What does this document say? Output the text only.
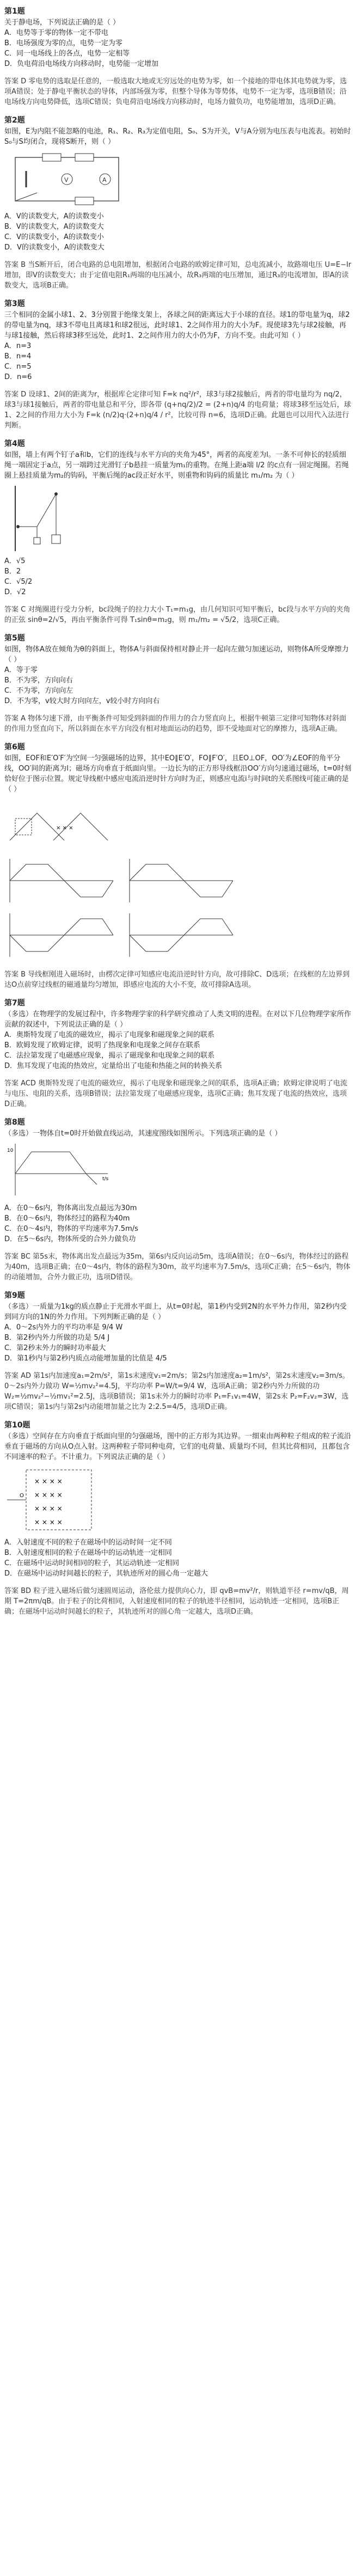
第1题

关于静电场，下列说法正确的是（ ）

A．电势等于零的物体一定不带电

B．电场强度为零的点，电势一定为零

C．同一电场线上的各点，电势一定相等

D．负电荷沿电场线方向移动时，电势能一定增加

答案 D 零电势的选取是任意的，一般选取大地或无穷远处的电势为零，如一个接地的带电体其电势就为零，选项A错误；处于静电平衡状态的导体，内部场强为零，但整个导体为等势体，电势不一定为零，选项B错误；沿电场线方向电势降低，选项C错误；负电荷沿电场线方向移动时，电场力做负功，电势能增加，选项D正确。

第2题

如图，E为内阻不能忽略的电池，R₁、R₂、R₃为定值电阻，S₀、S为开关，V与A分别为电压表与电流表。初始时S₀与S均闭合，现将S断开，则（ ）

V	A

A．V的读数变大，A的读数变小

B．V的读数变大，A的读数变大

C．V的读数变小，A的读数变小

D．V的读数变小，A的读数变大

答案 B 当S断开后，闭合电路的总电阻增加，根据闭合电路的欧姆定律可知，总电流减小，故路端电压 U=E−Ir增加，即V的读数变大；由于定值电阻R₁两端的电压减小，故R₃两端的电压增加，通过R₃的电流增加，即A的读数变大，选项B正确。

第3题

三个相同的金属小球1、2、3分别置于绝缘支架上，各球之间的距离远大于小球的直径。球1的带电量为q，球2的带电量为nq，球3不带电且离球1和球2很远，此时球1、2之间作用力的大小为F。现使球3先与球2接触，再与球1接触，然后将球3移至远处，此时1、2之间作用力的大小仍为F，方向不变。由此可知（ ）

A．n=3

B．n=4

C．n=5

D．n=6

答案 D 设球1、2间的距离为r，根据库仑定律可知 F=k nq²/r²，球3与球2接触后，两者的带电量均为 nq/2，球3与球1接触后，两者的带电量总和平分，即各带 (q+nq/2)/2 = (2+n)q/4 的电荷量；将球3移至远处后，球1、2之间的作用力大小为 F=k (n/2)q·(2+n)q/4 / r²，比较可得 n=6，选项D正确。此题也可以用代入法进行判断。

第4题

如图，墙上有两个钉子a和b，它们的连线与水平方向的夹角为45°，两者的高度差为l。一条不可伸长的轻质细绳一端固定于a点，另一端跨过光滑钉子b悬挂一质量为m₁的重物。在绳上距a端 l/2 的c点有一固定绳圈。若绳圈上悬挂质量为m₂的钩码，平衡后绳的ac段正好水平，则重物和钩码的质量比 m₁/m₂ 为（ ）

A．√5

B．2

C．√5/2

D．√2

答案 C 对绳圈进行受力分析，bc段绳子的拉力大小 T₁=m₁g，由几何知识可知平衡后，bc段与水平方向的夹角的正弦 sinθ=2/√5，再由平衡条件可得 T₁sinθ=m₂g，则 m₁/m₂ = √5/2，选项C正确。

第5题

如图，物体A放在倾角为θ的斜面上，物体A与斜面保持相对静止并一起向左做匀加速运动，则物体A所受摩擦力（ ）

A．等于零

B．不为零，方向向右

C．不为零，方向向左

D．不为零，v较大时方向向左，v较小时方向向右

答案 A 物体匀速下滑，由平衡条件可知受到斜面的作用力的合力竖直向上，根据牛顿第三定律可知物体对斜面的作用力竖直向下，所以斜面在水平方向没有相对地面运动的趋势，即不受地面对它的摩擦力，选项A正确。

第6题

如图，EOF和E′O′F′为空间一匀强磁场的边界，其中EO∥E′O′，FO∥F′O′，且EO⊥OF，OO′为∠EOF的角平分线，OO′间的距离为l；磁场方向垂直于纸面向里。一边长为l的正方形导线框沿OO′方向匀速通过磁场，t=0时刻恰好位于图示位置。规定导线框中感应电流沿逆时针方向时为正，则感应电流i与时间t的关系图线可能正确的是（ ）

× × ×

答案 B 导线框刚进入磁场时，由楞次定律可知感应电流沿逆时针方向，故可排除C、D选项；在线框的左边界到达O点前穿过线框的磁通量均匀增加，即感应电流的大小不变，故可排除A选项。

第7题

（多选）在物理学的发展过程中，许多物理学家的科学研究推动了人类文明的进程。在对以下几位物理学家所作贡献的叙述中，下列说法正确的是（ ）

A．奥斯特发现了电流的磁效应，揭示了电现象和磁现象之间的联系

B．欧姆发现了欧姆定律，说明了热现象和电现象之间存在联系

C．法拉第发现了电磁感应现象，揭示了磁现象和电现象之间的联系

D．焦耳发现了电流的热效应，定量给出了电能和热能之间的转换关系

答案 ACD 奥斯特发现了电流的磁效应，揭示了电现象和磁现象之间的联系，选项A正确；欧姆定律说明了电流与电压、电阻的关系，选项B错误；法拉第发现了电磁感应现象，选项C正确；焦耳发现了电流的热效应，选项D正确。

第8题

（多选）一物体自t=0时开始做直线运动，其速度图线如图所示。下列选项正确的是（ ）

10
t/s

A．在0～6s内，物体离出发点最远为30m

B．在0～6s内，物体经过的路程为40m

C．在0～4s内，物体的平均速率为7.5m/s

D．在5～6s内，物体所受的合外力做负功

答案 BC 第5s末，物体离出发点最远为35m，第6s内反向运动5m，选项A错误；在0～6s内，物体经过的路程为40m，选项B正确；在0～4s内，物体的路程为30m，故平均速率为7.5m/s，选项C正确；在5～6s内，物体的动能增加，合外力做正功，选项D错误。

第9题

（多选）一质量为1kg的质点静止于光滑水平面上，从t=0时起，第1秒内受到2N的水平外力作用，第2秒内受到同方向的1N的外力作用。下列判断正确的是（ ）

A．0～2s内外力的平均功率是 9/4 W

B．第2秒内外力所做的功是 5/4 J

C．第2秒末外力的瞬时功率最大

D．第1秒内与第2秒内质点动能增加量的比值是 4/5

答案 AD 第1s内加速度a₁=2m/s²，第1s末速度v₁=2m/s；第2s内加速度a₂=1m/s²，第2s末速度v₂=3m/s。0～2s内外力做功 W=½mv₂²=4.5J，平均功率 P=W/t=9/4 W，选项A正确；第2秒内外力所做的功 W₂=½mv₂²−½mv₁²=2.5J，选项B错误；第1s末外力的瞬时功率 P₁=F₁v₁=4W，第2s末 P₂=F₂v₂=3W，选项C错误；第1s内与第2s内动能增加量之比为 2:2.5=4/5，选项D正确。

第10题

（多选）空间存在方向垂直于纸面向里的匀强磁场，图中的正方形为其边界。一细束由两种粒子组成的粒子流沿垂直于磁场的方向从O点入射。这两种粒子带同种电荷，它们的电荷量、质量均不同，但其比荷相同，且都包含不同速率的粒子。不计重力。下列说法正确的是（ ）

× × × ×
× × × ×
× × × ×
× × × ×
O

A．入射速度不同的粒子在磁场中的运动时间一定不同

B．入射速度相同的粒子在磁场中的运动轨迹一定相同

C．在磁场中运动时间相同的粒子，其运动轨迹一定相同

D．在磁场中运动时间越长的粒子，其轨迹所对的圆心角一定越大

答案 BD 粒子进入磁场后做匀速圆周运动，洛伦兹力提供向心力，即 qvB=mv²/r，则轨道半径 r=mv/qB，周期 T=2πm/qB。由于粒子的比荷相同，入射速度相同的粒子的轨迹半径相同，运动轨迹一定相同，选项B正确；在磁场中运动时间越长的粒子，其轨迹所对的圆心角一定越大，选项D正确。
